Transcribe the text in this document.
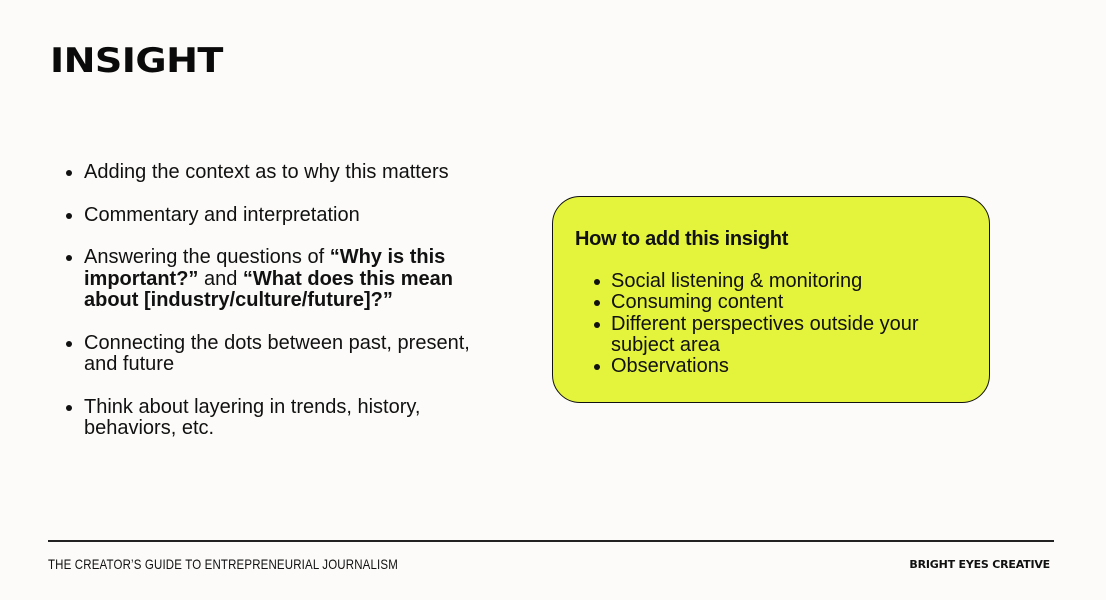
INSIGHT
Adding the context as to why this matters
Commentary and interpretation
Answering the questions of “Why is this important?” and “What does this mean about [industry/culture/future]?”
Connecting the dots between past, present, and future
Think about layering in trends, history, behaviors, etc.
How to add this insight
Social listening & monitoring
Consuming content
Different perspectives outside your subject area
Observations
THE CREATOR’S GUIDE TO ENTREPRENEURIAL JOURNALISM	BRIGHT EYES CREATIVE
